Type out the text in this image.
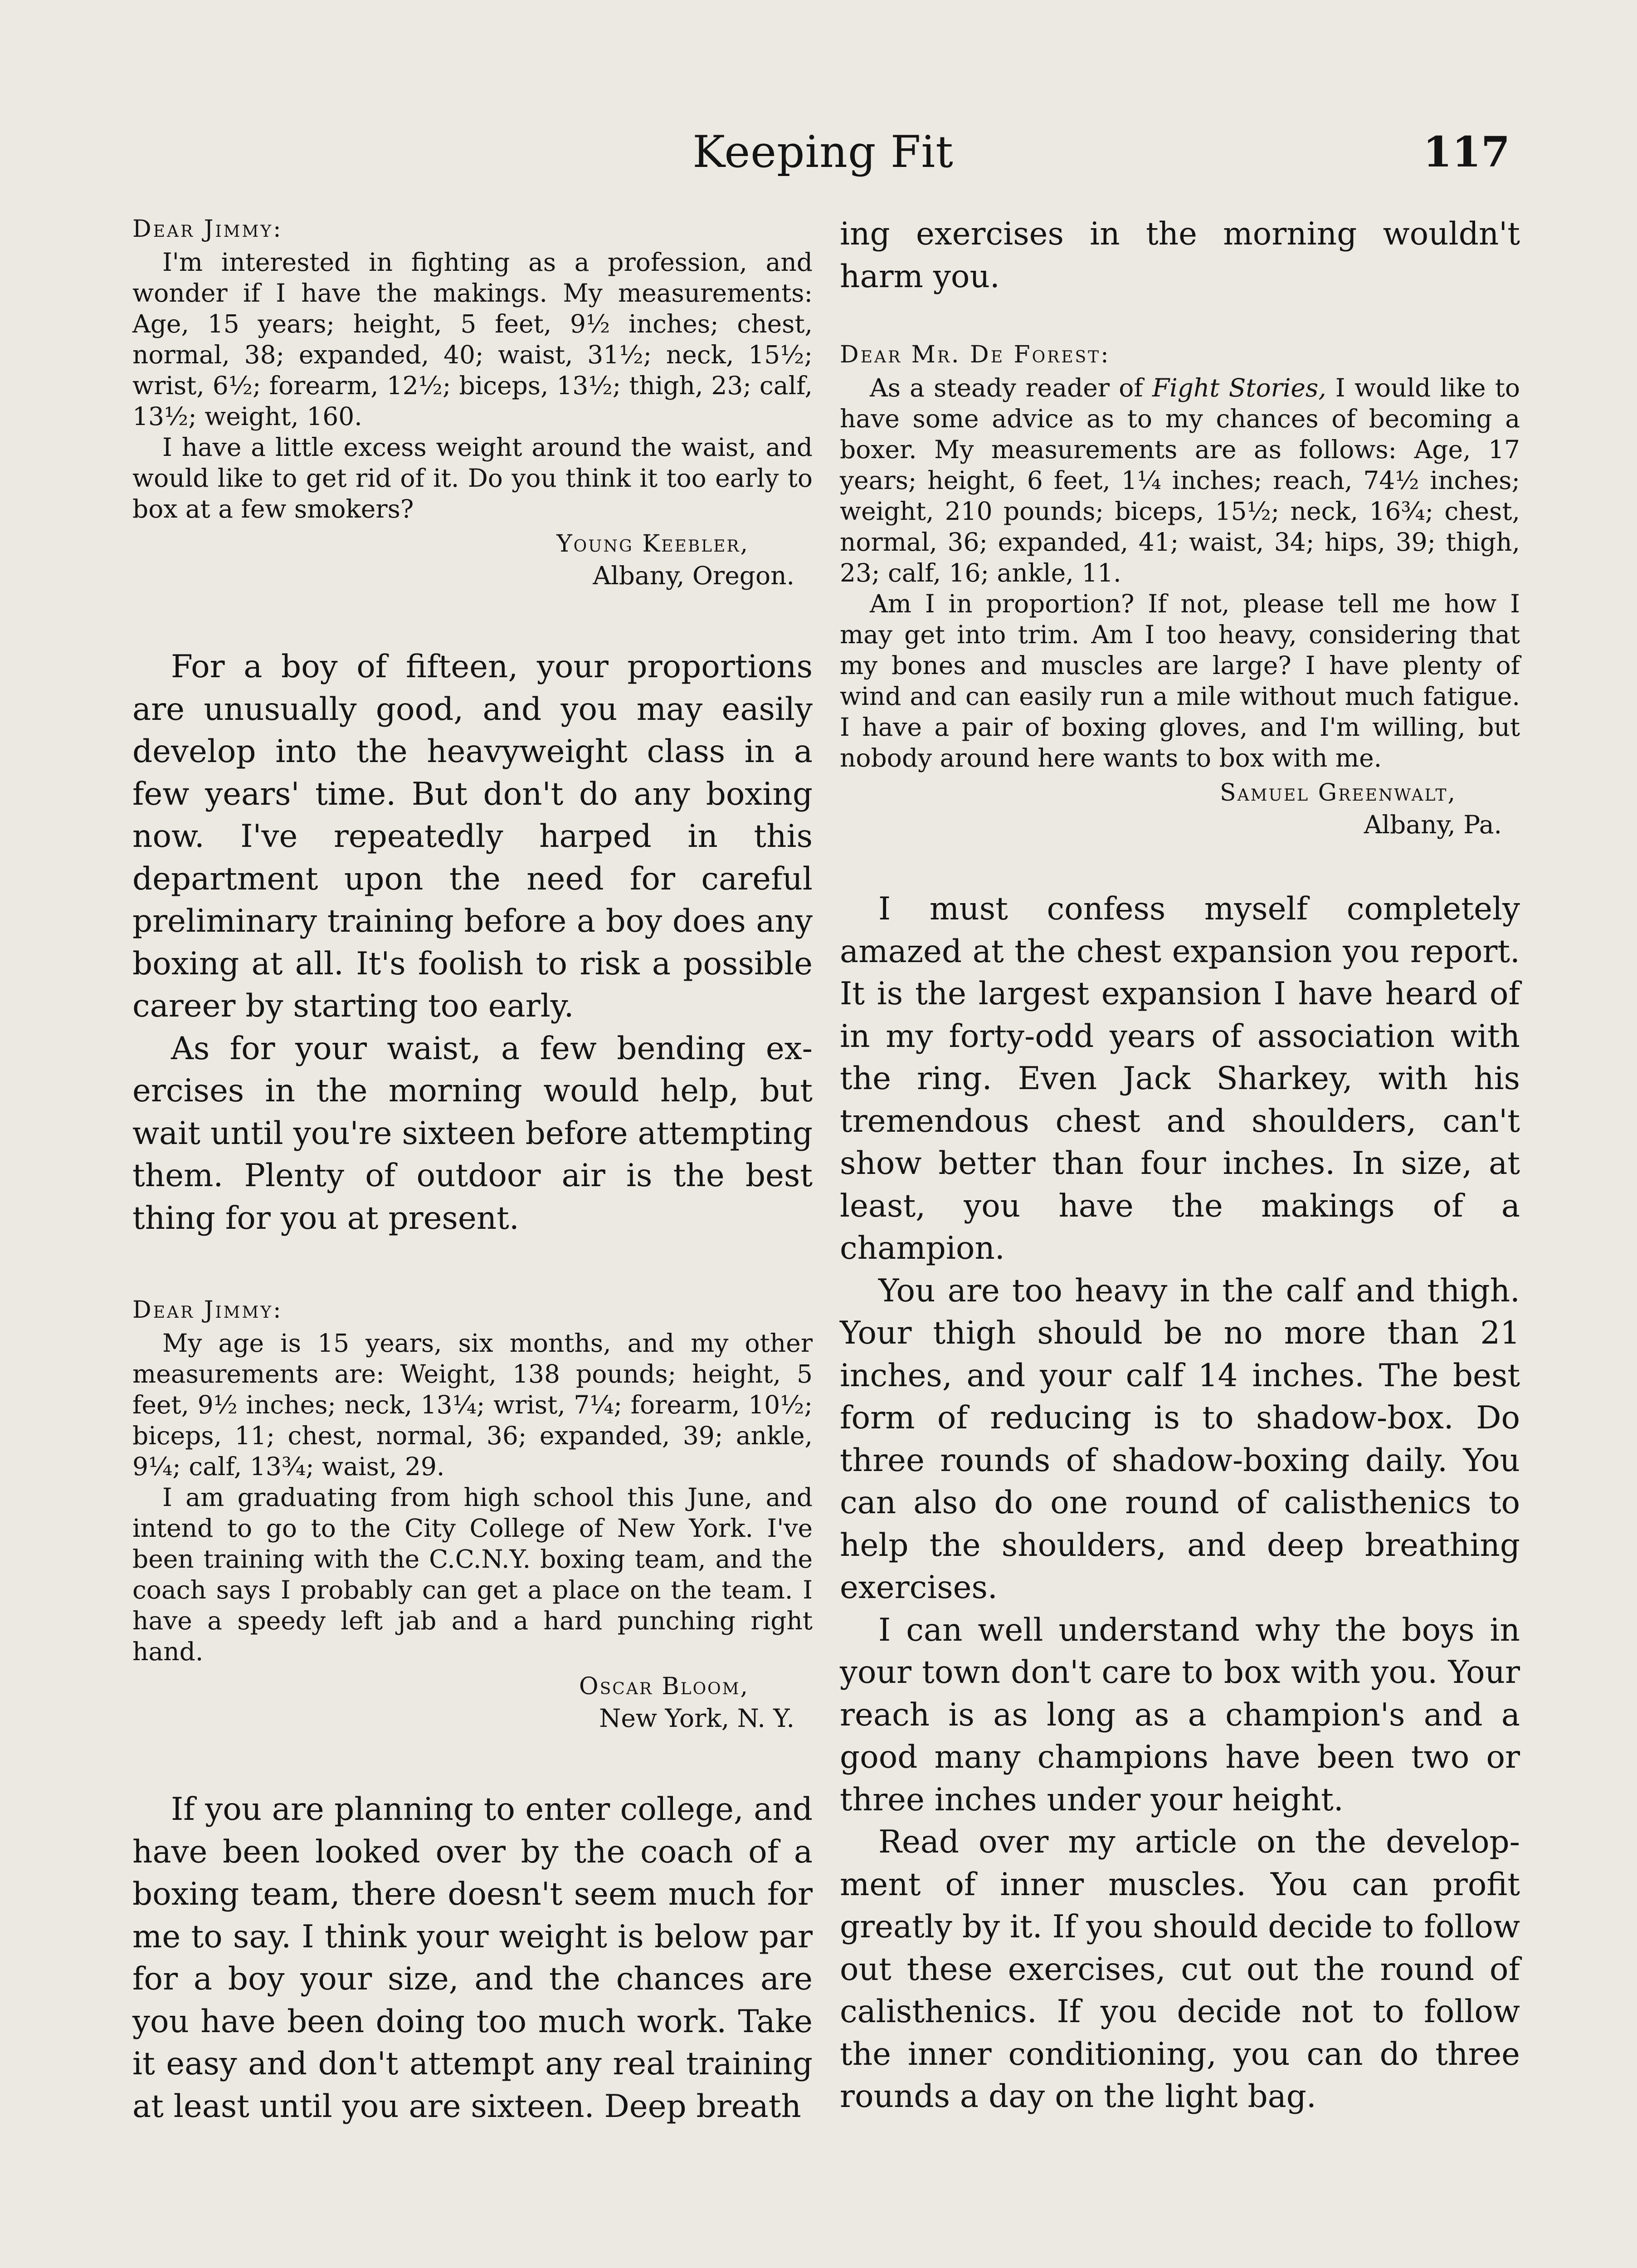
Keeping Fit	117
Dear Jimmy:

I'm interested in fighting as a profession, and wonder if I have the makings. My measurements: Age, 15 years; height, 5 feet, 9½ inches; chest, normal, 38; expanded, 40; waist, 31½; neck, 15½; wrist, 6½; forearm, 12½; biceps, 13½; thigh, 23; calf, 13½; weight, 160.

I have a little excess weight around the waist, and would like to get rid of it. Do you think it too early to box at a few smokers?

Young Keebler,
Albany, Oregon.

For a boy of fifteen, your proportions are unusually good, and you may easily develop into the heavyweight class in a few years' time. But don't do any boxing now. I've repeatedly harped in this department upon the need for careful preliminary training before a boy does any boxing at all. It's foolish to risk a possible career by starting too early.

As for your waist, a few bending exercises in the morning would help, but wait until you're sixteen before attempting them. Plenty of outdoor air is the best thing for you at present.

Dear Jimmy:

My age is 15 years, six months, and my other measurements are: Weight, 138 pounds; height, 5 feet, 9½ inches; neck, 13¼; wrist, 7¼; forearm, 10½; biceps, 11; chest, normal, 36; expanded, 39; ankle, 9¼; calf, 13¾; waist, 29.

I am graduating from high school this June, and intend to go to the City College of New York. I've been training with the C.C.N.Y. boxing team, and the coach says I probably can get a place on the team. I have a speedy left jab and a hard punching right hand.

Oscar Bloom,
New York, N. Y.

If you are planning to enter college, and have been looked over by the coach of a boxing team, there doesn't seem much for me to say. I think your weight is below par for a boy your size, and the chances are you have been doing too much work. Take it easy and don't attempt any real training at least until you are sixteen. Deep breath

ing exercises in the morning wouldn't harm you.

Dear Mr. De Forest:

As a steady reader of Fight Stories, I would like to have some advice as to my chances of becoming a boxer. My measurements are as follows: Age, 17 years; height, 6 feet, 1¼ inches; reach, 74½ inches; weight, 210 pounds; biceps, 15½; neck, 16¾; chest, normal, 36; expanded, 41; waist, 34; hips, 39; thigh, 23; calf, 16; ankle, 11.

Am I in proportion? If not, please tell me how I may get into trim. Am I too heavy, considering that my bones and muscles are large? I have plenty of wind and can easily run a mile without much fatigue. I have a pair of boxing gloves, and I'm willing, but nobody around here wants to box with me.

Samuel Greenwalt,
Albany, Pa.

I must confess myself completely amazed at the chest expansion you report. It is the largest expansion I have heard of in my forty-odd years of association with the ring. Even Jack Sharkey, with his tremendous chest and shoulders, can't show better than four inches. In size, at least, you have the makings of a champion.

You are too heavy in the calf and thigh. Your thigh should be no more than 21 inches, and your calf 14 inches. The best form of reducing is to shadow-box. Do three rounds of shadow-boxing daily. You can also do one round of calisthenics to help the shoulders, and deep breathing exercises.

I can well understand why the boys in your town don't care to box with you. Your reach is as long as a champion's and a good many champions have been two or three inches under your height.

Read over my article on the development of inner muscles. You can profit greatly by it. If you should decide to follow out these exercises, cut out the round of calisthenics. If you decide not to follow the inner conditioning, you can do three rounds a day on the light bag.
